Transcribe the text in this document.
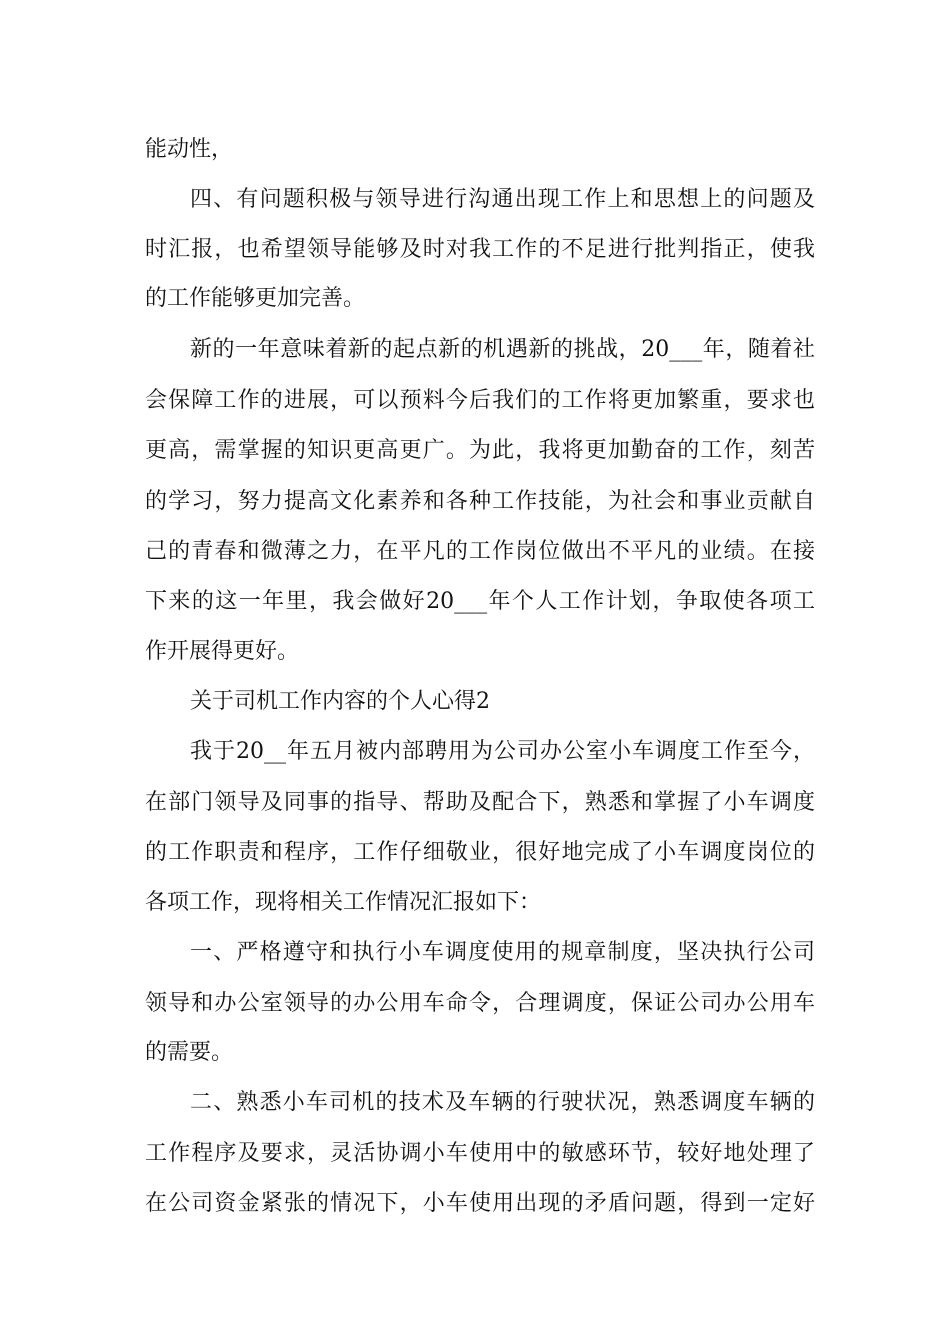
能动性，
四、有问题积极与领导进行沟通出现工作上和思想上的问题及
时汇报，也希望领导能够及时对我工作的不足进行批判指正，使我
的工作能够更加完善。
新的一年意味着新的起点新的机遇新的挑战，20___年，随着社
会保障工作的进展，可以预料今后我们的工作将更加繁重，要求也
更高，需掌握的知识更高更广。为此，我将更加勤奋的工作，刻苦
的学习，努力提高文化素养和各种工作技能，为社会和事业贡献自
己的青春和微薄之力，在平凡的工作岗位做出不平凡的业绩。在接
下来的这一年里，我会做好20___年个人工作计划，争取使各项工
作开展得更好。
关于司机工作内容的个人心得2
我于20__年五月被内部聘用为公司办公室小车调度工作至今，
在部门领导及同事的指导、帮助及配合下，熟悉和掌握了小车调度
的工作职责和程序，工作仔细敬业，很好地完成了小车调度岗位的
各项工作，现将相关工作情况汇报如下：
一、严格遵守和执行小车调度使用的规章制度，坚决执行公司
领导和办公室领导的办公用车命令，合理调度，保证公司办公用车
的需要。
二、熟悉小车司机的技术及车辆的行驶状况，熟悉调度车辆的
工作程序及要求，灵活协调小车使用中的敏感环节，较好地处理了
在公司资金紧张的情况下，小车使用出现的矛盾问题，得到一定好
